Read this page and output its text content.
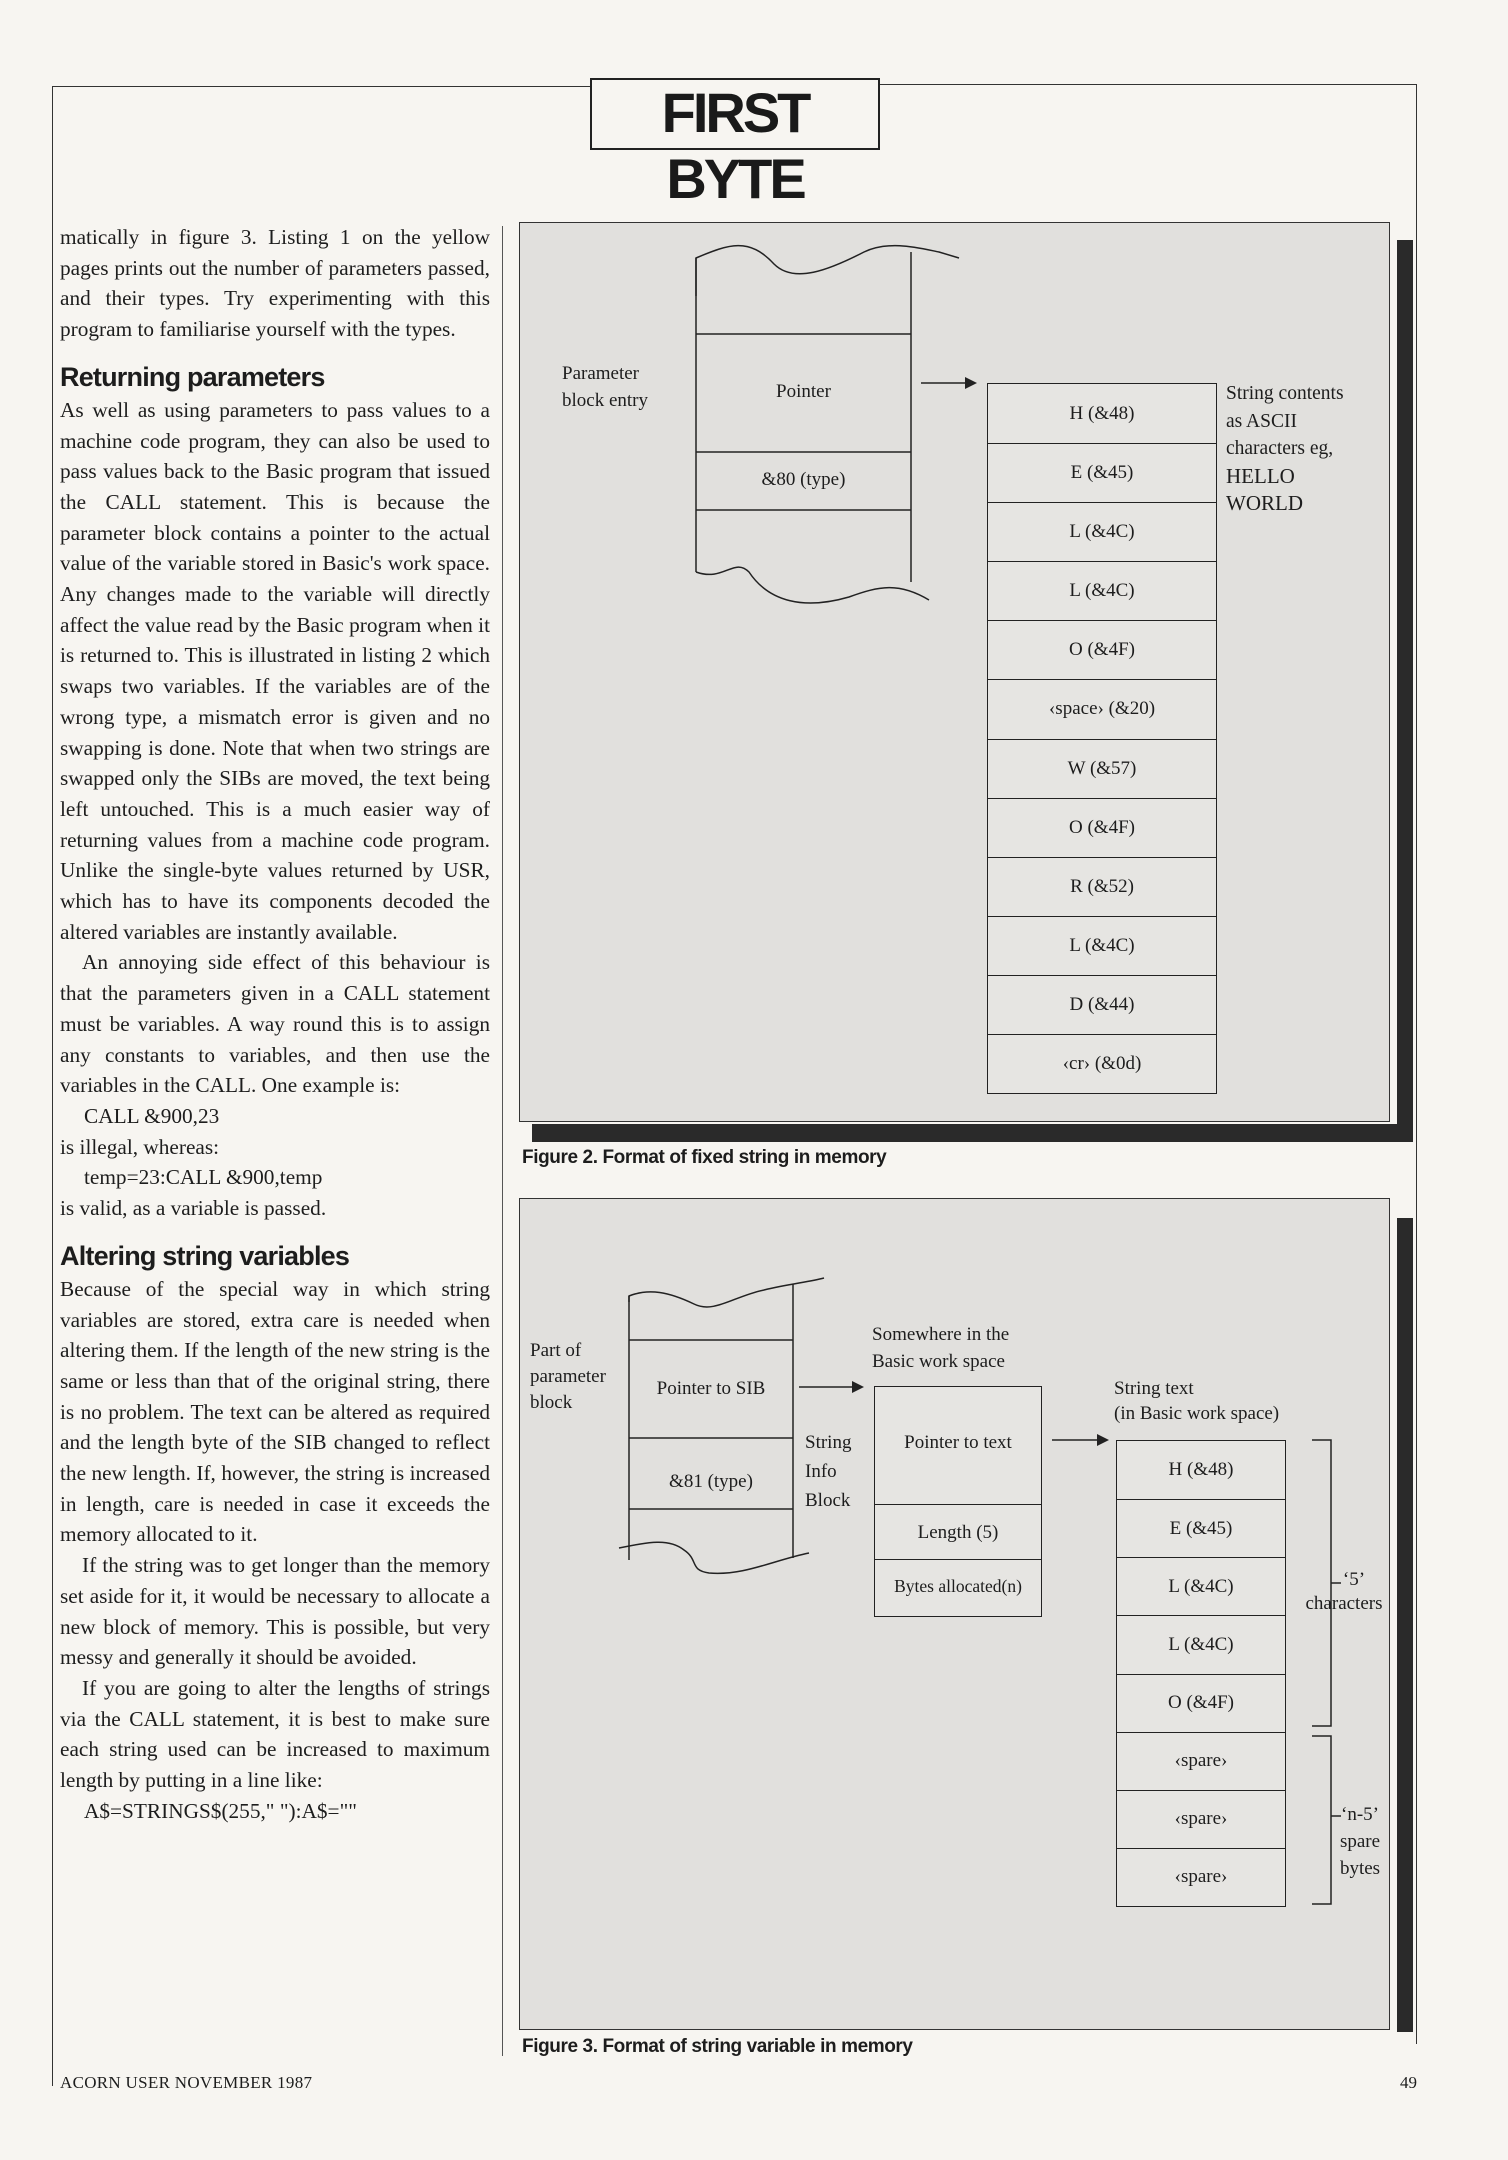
FIRST BYTE

matically in figure 3. Listing 1 on the yellow pages prints out the number of parameters passed, and their types. Try experimenting with this program to familiarise yourself with the types.

Returning parameters

As well as using parameters to pass values to a machine code program, they can also be used to pass values back to the Basic program that issued the CALL statement. This is because the parameter block contains a pointer to the actual value of the variable stored in Basic's work space. Any changes made to the variable will directly affect the value read by the Basic program when it is returned to. This is illustrated in listing 2 which swaps two variables. If the variables are of the wrong type, a mismatch error is given and no swapping is done. Note that when two strings are swapped only the SIBs are moved, the text being left untouched. This is a much easier way of returning values from a machine code program. Unlike the single-byte values returned by USR, which has to have its components decoded the altered variables are instantly available.

An annoying side effect of this behaviour is that the parameters given in a CALL statement must be variables. A way round this is to assign any constants to variables, and then use the variables in the CALL. One example is:

CALL &900,23

is illegal, whereas:

temp=23:CALL &900,temp

is valid, as a variable is passed.

Altering string variables

Because of the special way in which string variables are stored, extra care is needed when altering them. If the length of the new string is the same or less than that of the original string, there is no problem. The text can be altered as required and the length byte of the SIB changed to reflect the new length. If, however, the string is increased in length, care is needed in case it exceeds the memory allocated to it.

If the string was to get longer than the memory set aside for it, it would be necessary to allocate a new block of memory. This is possible, but very messy and generally it should be avoided.

If you are going to alter the lengths of strings via the CALL statement, it is best to make sure each string used can be increased to maximum length by putting in a line like:

A$=STRINGS$(255," "):A$=""

Parameter block entry	Pointer
&80 (type)
H (&48)
E (&45)
L (&4C)
L (&4C)
O (&4F)
‹space› (&20)
W (&57)
O (&4F)
R (&52)
L (&4C)
D (&44)
‹cr› (&0d)
String contents
as ASCII
characters eg,
HELLO
WORLD
Figure 2. Format of fixed string in memory
Part of
parameter
block
Pointer to SIB
&81 (type)
Somewhere in the
Basic work space
String
Info
Block
Pointer to text
Length (5)
Bytes allocated(n)
String text
(in Basic work space)
H (&48)
E (&45)
L (&4C)
L (&4C)
O (&4F)
‹spare›
‹spare›
‹spare›
‘5’
characters
‘n-5’
spare
bytes
Figure 3. Format of string variable in memory
ACORN USER NOVEMBER 1987	49
